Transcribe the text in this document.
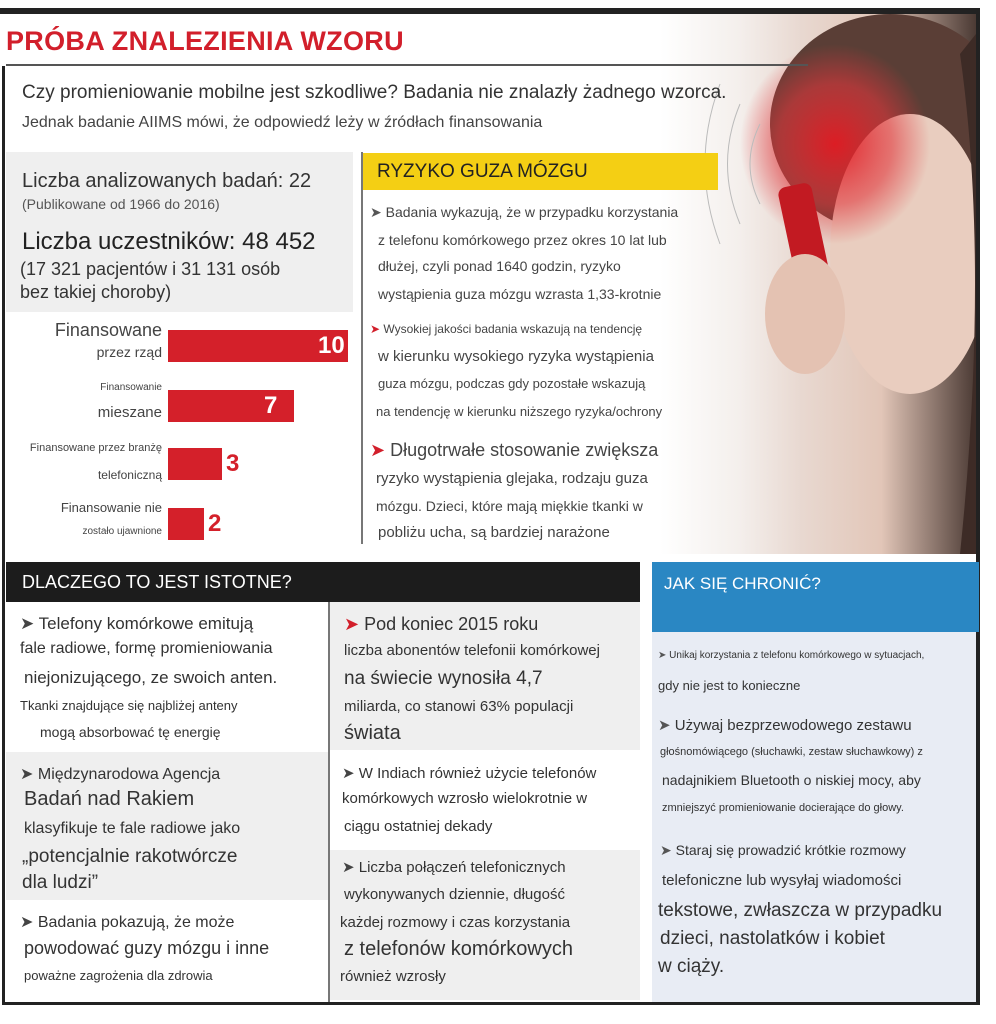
PRÓBA ZNALEZIENIA WZORU
Czy promieniowanie mobilne jest szkodliwe? Badania nie znalazły żadnego wzorca.
Jednak badanie AIIMS mówi, że odpowiedź leży w źródłach finansowania
Liczba analizowanych badań: 22
(Publikowane od 1966 do 2016)
Liczba uczestników: 48 452
(17 321 pacjentów i 31 131 osób
bez takiej choroby)
10
Finansowane
przez rząd
7
Finansowanie
mieszane
3
Finansowane przez branżę
telefoniczną
2
Finansowanie nie
zostało ujawnione
RYZYKO GUZA MÓZGU
➤ Badania wykazują, że w przypadku korzystania
z telefonu komórkowego przez okres 10 lat lub
dłużej, czyli ponad 1640 godzin, ryzyko
wystąpienia guza mózgu wzrasta 1,33-krotnie
➤ Wysokiej jakości badania wskazują na tendencję
w kierunku wysokiego ryzyka wystąpienia
guza mózgu, podczas gdy pozostałe wskazują
na tendencję w kierunku niższego ryzyka/ochrony
➤ Długotrwałe stosowanie zwiększa
ryzyko wystąpienia glejaka, rodzaju guza
mózgu. Dzieci, które mają miękkie tkanki w
pobliżu ucha, są bardziej narażone
DLACZEGO TO JEST ISTOTNE?
➤ Telefony komórkowe emitują
fale radiowe, formę promieniowania
niejonizującego, ze swoich anten.
Tkanki znajdujące się najbliżej anteny
mogą absorbować tę energię
➤ Międzynarodowa Agencja
Badań nad Rakiem
klasyfikuje te fale radiowe jako
„potencjalnie rakotwórcze
dla ludzi”
➤ Badania pokazują, że może
powodować guzy mózgu i inne
poważne zagrożenia dla zdrowia
➤ Pod koniec 2015 roku
liczba abonentów telefonii komórkowej
na świecie wynosiła 4,7
miliarda, co stanowi 63% populacji
świata
➤ W Indiach również użycie telefonów
komórkowych wzrosło wielokrotnie w
ciągu ostatniej dekady
➤ Liczba połączeń telefonicznych
wykonywanych dziennie, długość
każdej rozmowy i czas korzystania
z telefonów komórkowych
również wzrosły
JAK SIĘ CHRONIĆ?
➤ Unikaj korzystania z telefonu komórkowego w sytuacjach,
gdy nie jest to konieczne
➤ Używaj bezprzewodowego zestawu
głośnomówiącego (słuchawki, zestaw słuchawkowy) z
nadajnikiem Bluetooth o niskiej mocy, aby
zmniejszyć promieniowanie docierające do głowy.
➤ Staraj się prowadzić krótkie rozmowy
telefoniczne lub wysyłaj wiadomości
tekstowe, zwłaszcza w przypadku
dzieci, nastolatków i kobiet
w ciąży.
